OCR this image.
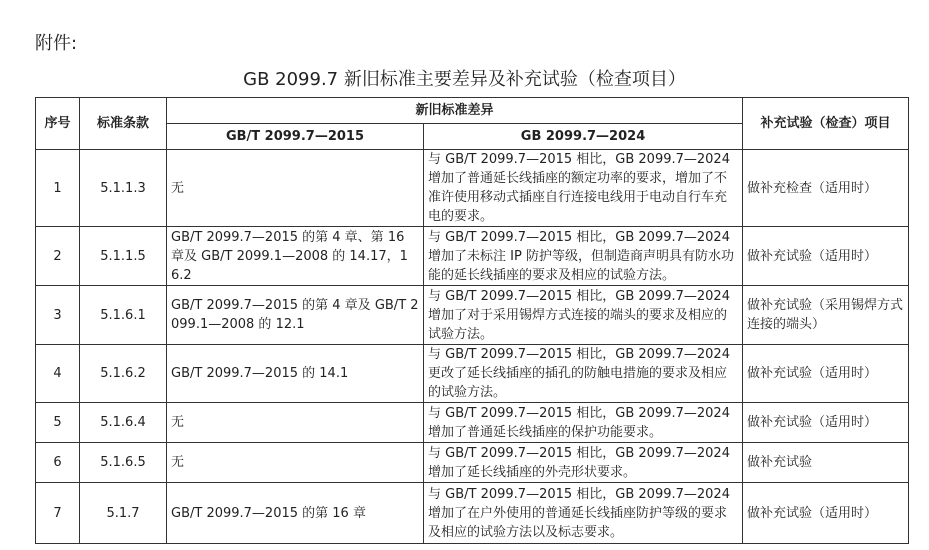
附件:
GB 2099.7 新旧标准主要差异及补充试验（检查项目）
序号	标准条款	新旧标准差异		补充试验（检查）项目
		GB/T 2099.7—2015	GB 2099.7—2024	
1	5.1.1.3	无	与 GB/T 2099.7—2015 相比，GB 2099.7—2024 增加了普通延长线插座的额定功率的要求，增加了不准许使用移动式插座自行连接电线用于电动自行车充电的要求。	做补充检查（适用时）
2	5.1.1.5	GB/T 2099.7—2015 的第 4 章、第 16 章及 GB/T 2099.1—2008 的 14.17，16.2	与 GB/T 2099.7—2015 相比，GB 2099.7—2024 增加了未标注 IP 防护等级，但制造商声明具有防水功能的延长线插座的要求及相应的试验方法。	做补充试验（适用时）
3	5.1.6.1	GB/T 2099.7—2015 的第 4 章及 GB/T 2099.1—2008 的 12.1	与 GB/T 2099.7—2015 相比，GB 2099.7—2024 增加了对于采用锡焊方式连接的端头的要求及相应的试验方法。	做补充试验（采用锡焊方式连接的端头）
4	5.1.6.2	GB/T 2099.7—2015 的 14.1	与 GB/T 2099.7—2015 相比，GB 2099.7—2024 更改了延长线插座的插孔的防触电措施的要求及相应的试验方法。	做补充试验（适用时）
5	5.1.6.4	无	与 GB/T 2099.7—2015 相比，GB 2099.7—2024 增加了普通延长线插座的保护功能要求。	做补充试验（适用时）
6	5.1.6.5	无	与 GB/T 2099.7—2015 相比，GB 2099.7—2024 增加了延长线插座的外壳形状要求。	做补充试验
7	5.1.7	GB/T 2099.7—2015 的第 16 章	与 GB/T 2099.7—2015 相比，GB 2099.7—2024 增加了在户外使用的普通延长线插座防护等级的要求及相应的试验方法以及标志要求。	做补充试验（适用时）
